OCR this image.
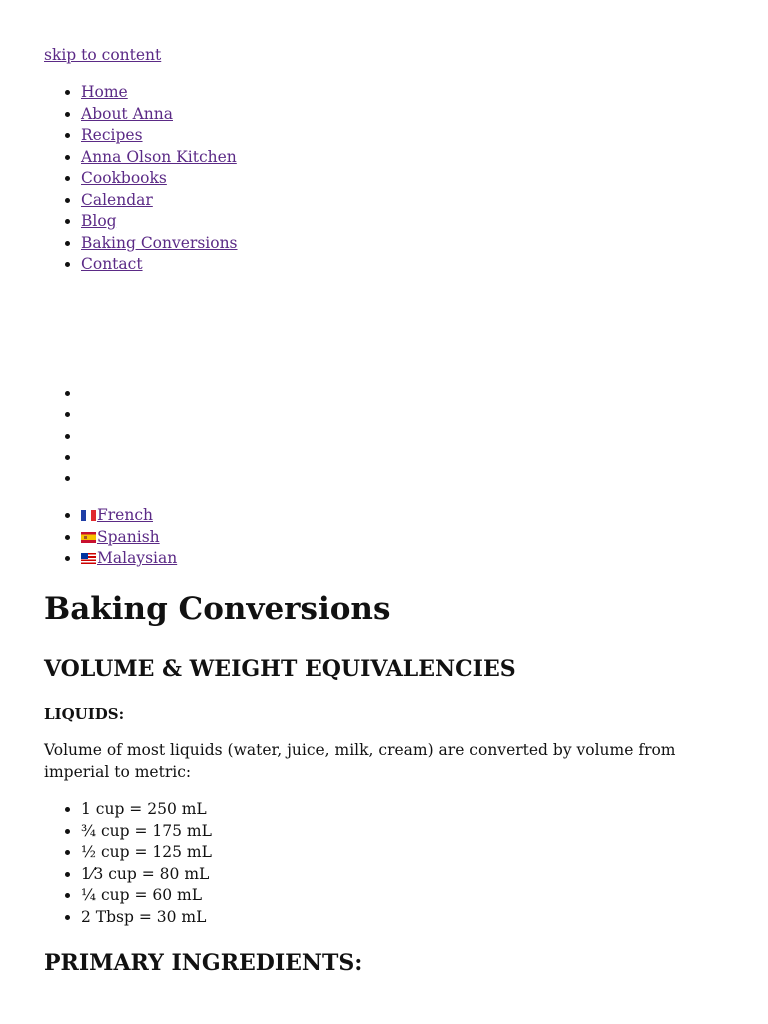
skip to content
• Home
• About Anna
• Recipes
• Anna Olson Kitchen
• Cookbooks
• Calendar
• Blog
• Baking Conversions
• Contact
• French
• Spanish
• Malaysian
Baking Conversions
VOLUME & WEIGHT EQUIVALENCIES

LIQUIDS:

Volume of most liquids (water, juice, milk, cream) are converted by volume from imperial to metric:

• 1 cup = 250 mL
• ¾ cup = 175 mL
• ½ cup = 125 mL
• 1⁄3 cup = 80 mL
• ¼ cup = 60 mL
• 2 Tbsp = 30 mL
PRIMARY INGREDIENTS:
